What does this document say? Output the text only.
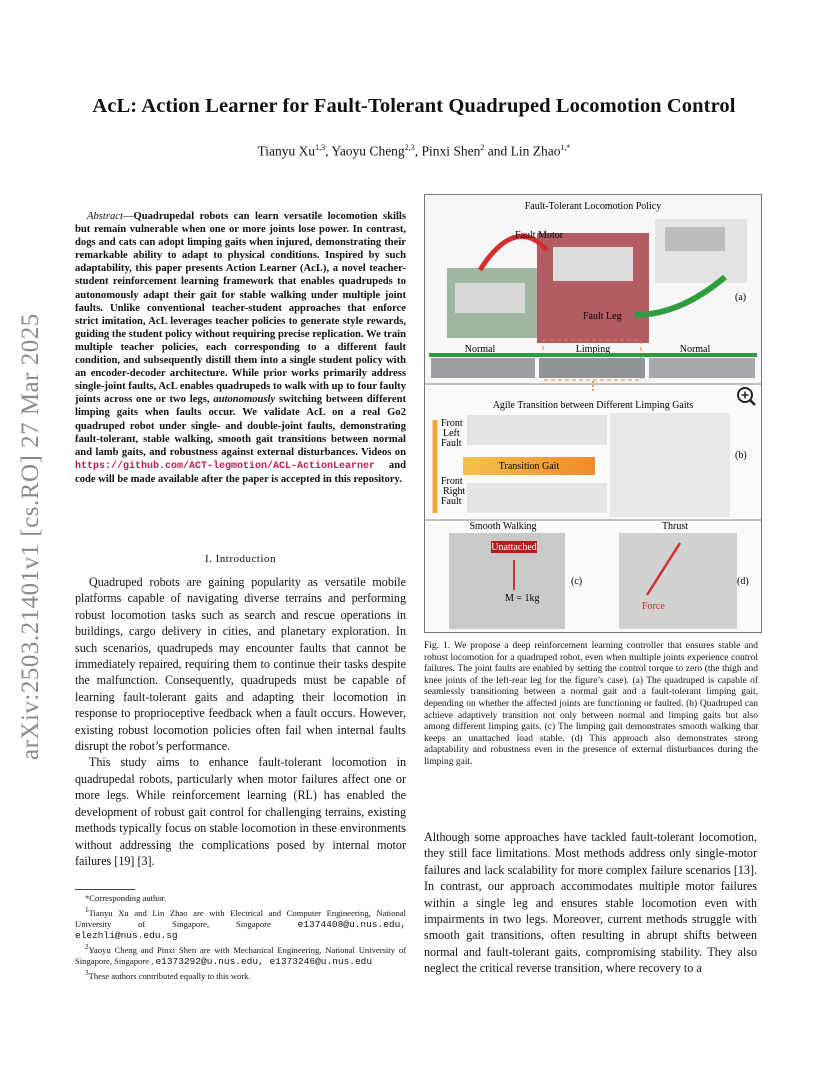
arXiv:2503.21401v1 [cs.RO] 27 Mar 2025
AcL: Action Learner for Fault-Tolerant Quadruped Locomotion Control
Tianyu Xu$^{1,3}$, Yaoyu Cheng$^{2,3}$, Pinxi Shen$^2$ and Lin Zhao$^{1,*}$
Abstract—Quadrupedal robots can learn versatile locomotion skills but remain vulnerable when one or more joints lose power. In contrast, dogs and cats can adopt limping gaits when injured, demonstrating their remarkable ability to adapt to physical conditions. Inspired by such adaptability, this paper presents Action Learner (AcL), a novel teacher-student reinforcement learning framework that enables quadrupeds to autonomously adapt their gait for stable walking under multiple joint faults. Unlike conventional teacher-student approaches that enforce strict imitation, AcL leverages teacher policies to generate style rewards, guiding the student policy without requiring precise replication. We train multiple teacher policies, each corresponding to a different fault condition, and subsequently distill them into a single student policy with an encoder-decoder architecture. While prior works primarily address single-joint faults, AcL enables quadrupeds to walk with up to four faulty joints across one or two legs, autonomously switching between different limping gaits when faults occur. We validate AcL on a real Go2 quadruped robot under single- and double-joint faults, demonstrating fault-tolerant, stable walking, smooth gait transitions between normal and lamb gaits, and robustness against external disturbances. Videos on https://github.com/ACT-legmotion/ACL-ActionLearner and code will be made available after the paper is accepted in this repository.
I. Introduction

Quadruped robots are gaining popularity as versatile mobile platforms capable of navigating diverse terrains and performing robust locomotion tasks such as search and rescue operations in buildings, cargo delivery in cities, and planetary exploration. In such scenarios, quadrupeds may encounter faults that cannot be immediately repaired, requiring them to continue their tasks despite the malfunction. Consequently, quadrupeds must be capable of learning fault-tolerant gaits and adapting their locomotion in response to proprioceptive feedback when a fault occurs. However, existing robust locomotion policies often fail when internal faults disrupt the robot’s performance.

This study aims to enhance fault-tolerant locomotion in quadrupedal robots, particularly when motor failures affect one or more legs. While reinforcement learning (RL) has enabled the development of robust gait control for challenging terrains, existing methods typically focus on stable locomotion in these environments without addressing the complications posed by internal motor failures [19] [3].

*Corresponding author.
$^1$Tianyu Xu and Lin Zhao are with Electrical and Computer Engineering, National University of Singapore, Singapore	e1374408@u.nus.edu, elezhli@nus.edu.sg
$^2$Yaoyu Cheng and Pinxi Shen are with Mechanical Engineering, National University of Singapore, Singapore , e1373292@u.nus.edu, e1373246@u.nus.edu
$^3$These authors contributed equally to this work.
Fault-Tolerant Locomotion Policy
Fault Motor
Fault Leg
(a)
Normal	Limping	Normal
Agile Transition between Different Limping Gaits
Front
Left
Fault
Transition Gait
Front
Right
Fault
(b)
Smooth Walking
Unattached
M = 1kg
(c)
Thrust
Force
(d)
Fig. 1. We propose a deep reinforcement learning controller that ensures stable and robust locomotion for a quadruped robot, even when multiple joints experience control failures. The joint faults are enabled by setting the control torque to zero (the thigh and knee joints of the left-rear leg for the figure’s case). (a) The quadruped is capable of seamlessly transitioning between a normal gait and a fault-tolerant limping gait, depending on whether the affected joints are functioning or faulted. (b) Quadruped can achieve adaptively transition not only between normal and limping gaits but also among different limping gaits. (c) The limping gait demonstrates smooth walking that keeps an unattached load stable. (d) This approach also demonstrates strong adaptability and robustness even in the presence of external disturbances during the limping gait.

Although some approaches have tackled fault-tolerant locomotion, they still face limitations. Most methods address only single-motor failures and lack scalability for more complex failure scenarios [13]. In contrast, our approach accommodates multiple motor failures within a single leg and ensures stable locomotion even with impairments in two legs. Moreover, current methods struggle with smooth gait transitions, often resulting in abrupt shifts between normal and fault-tolerant gaits, compromising stability. They also neglect the critical reverse transition, where recovery to a
